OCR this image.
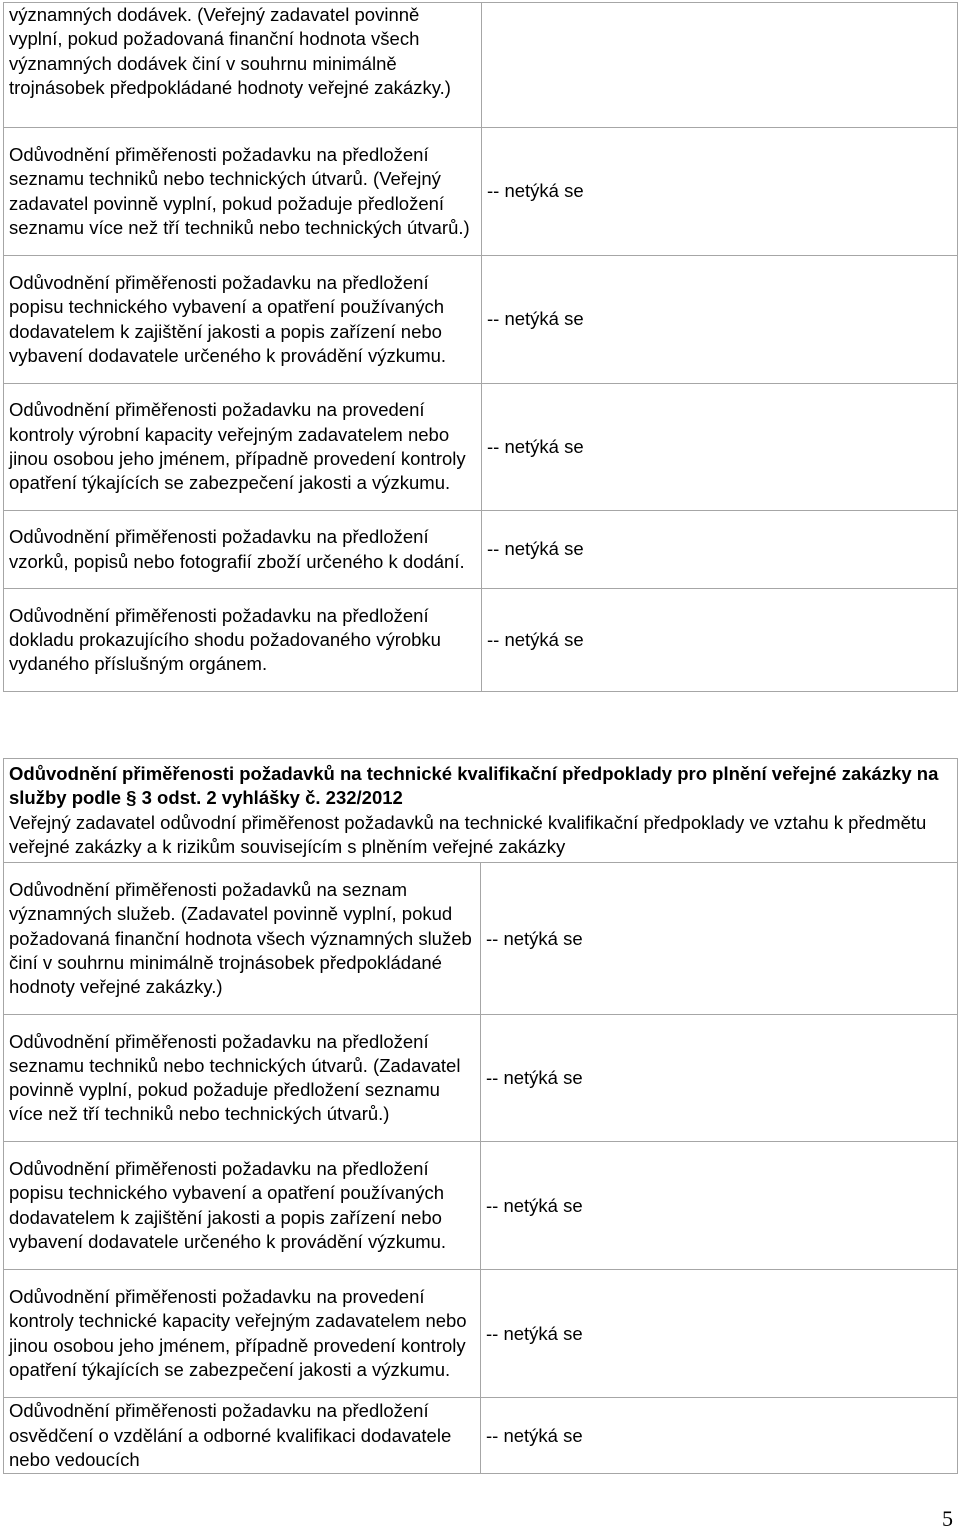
významných dodávek. (Veřejný zadavatel povinně vyplní, pokud požadovaná finanční hodnota všech významných dodávek činí v souhrnu minimálně trojnásobek předpokládané hodnoty veřejné zakázky.)	
Odůvodnění přiměřenosti požadavku na předložení seznamu techniků nebo technických útvarů. (Veřejný zadavatel povinně vyplní, pokud požaduje předložení seznamu více než tří techniků nebo technických útvarů.)	-- netýká se
Odůvodnění přiměřenosti požadavku na předložení popisu technického vybavení a opatření používaných dodavatelem k zajištění jakosti a popis zařízení nebo vybavení dodavatele určeného k provádění výzkumu.	-- netýká se
Odůvodnění přiměřenosti požadavku na provedení kontroly výrobní kapacity veřejným zadavatelem nebo jinou osobou jeho jménem, případně provedení kontroly opatření týkajících se zabezpečení jakosti a výzkumu.	-- netýká se
Odůvodnění přiměřenosti požadavku na předložení vzorků, popisů nebo fotografií zboží určeného k dodání.	-- netýká se
Odůvodnění přiměřenosti požadavku na předložení dokladu prokazujícího shodu požadovaného výrobku vydaného příslušným orgánem.	-- netýká se
Odůvodnění přiměřenosti požadavků na technické kvalifikační předpoklady pro plnění veřejné zakázky na služby podle § 3 odst. 2 vyhlášky č. 232/2012
Veřejný zadavatel odůvodní přiměřenost požadavků na technické kvalifikační předpoklady ve vztahu k předmětu veřejné zakázky a k rizikům souvisejícím s plněním veřejné zakázky	

Odůvodnění přiměřenosti požadavků na seznam významných služeb. (Zadavatel povinně vyplní, pokud požadovaná finanční hodnota všech významných služeb činí v souhrnu minimálně trojnásobek předpokládané hodnoty veřejné zakázky.)	-- netýká se
Odůvodnění přiměřenosti požadavku na předložení seznamu techniků nebo technických útvarů. (Zadavatel povinně vyplní, pokud požaduje předložení seznamu více než tří techniků nebo technických útvarů.)	-- netýká se
Odůvodnění přiměřenosti požadavku na předložení popisu technického vybavení a opatření používaných dodavatelem k zajištění jakosti a popis zařízení nebo vybavení dodavatele určeného k provádění výzkumu.	-- netýká se
Odůvodnění přiměřenosti požadavku na provedení kontroly technické kapacity veřejným zadavatelem nebo jinou osobou jeho jménem, případně provedení kontroly opatření týkajících se zabezpečení jakosti a výzkumu.	-- netýká se
Odůvodnění přiměřenosti požadavku na předložení osvědčení o vzdělání a odborné kvalifikaci dodavatele nebo vedoucích	-- netýká se
5
